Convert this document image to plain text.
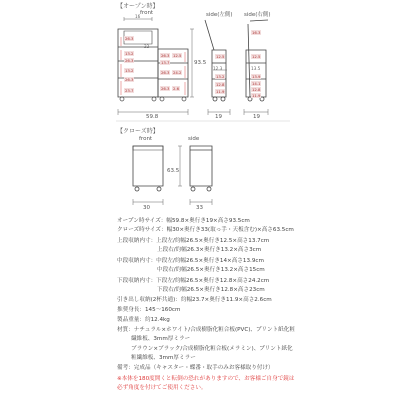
【オープン時】
front	side(左側) side(右側)
16
22
59.8
93.5
26.3
13.2
26.3
13.2
26.3
23.7
26.3
13.7
12.5
26.3 24.2
26.3 2.6
12.3
12.5
13.2
12.8
11.9
19
13.5
16.3
12.5
13.9
14.1
12.8
11.9
19
【クローズ時】
front	side
63.5
30	33
オープン時サイズ：幅59.8×奥行き19×高さ93.5cm
クローズ時サイズ：幅30×奥行き33(取っ手・天板含む)×高さ63.5cm
上段収納内寸：上段左/約幅26.5×奥行き12.5×高さ13.7cm
上段右/約幅26.3×奥行き13.2×高さ3cm
中段収納内寸：中段左/約幅26.5×奥行き14×高さ13.9cm
中段右/約幅26.5×奥行き13.2×高さ15cm
下段収納内寸：下段左/約幅26.5×奥行き12.8×高さ24.2cm
下段右/約幅26.5×奥行き12.8×高さ23cm
引き出し収納(2杯共通)：約幅23.7×奥行き11.9×高さ2.6cm
推奨身長：145〜160cm
製品重量：約12.4kg
材質：ナチュラル×ホワイト/合成樹脂化粧合板(PVC)、プリント紙化粧
繊維板、3mm厚ミラー
ブラウン×ブラック/合成樹脂化粧合板(メラミン)、プリント紙化
粧繊維板、3mm厚ミラー
備考：完成品（キャスター・蝶番・取手のみお客様取り付け）
※本体を180度開くと転倒の恐れがありますので、お客様ご自身で鏡は
必ず角度を付けてご使用ください。
